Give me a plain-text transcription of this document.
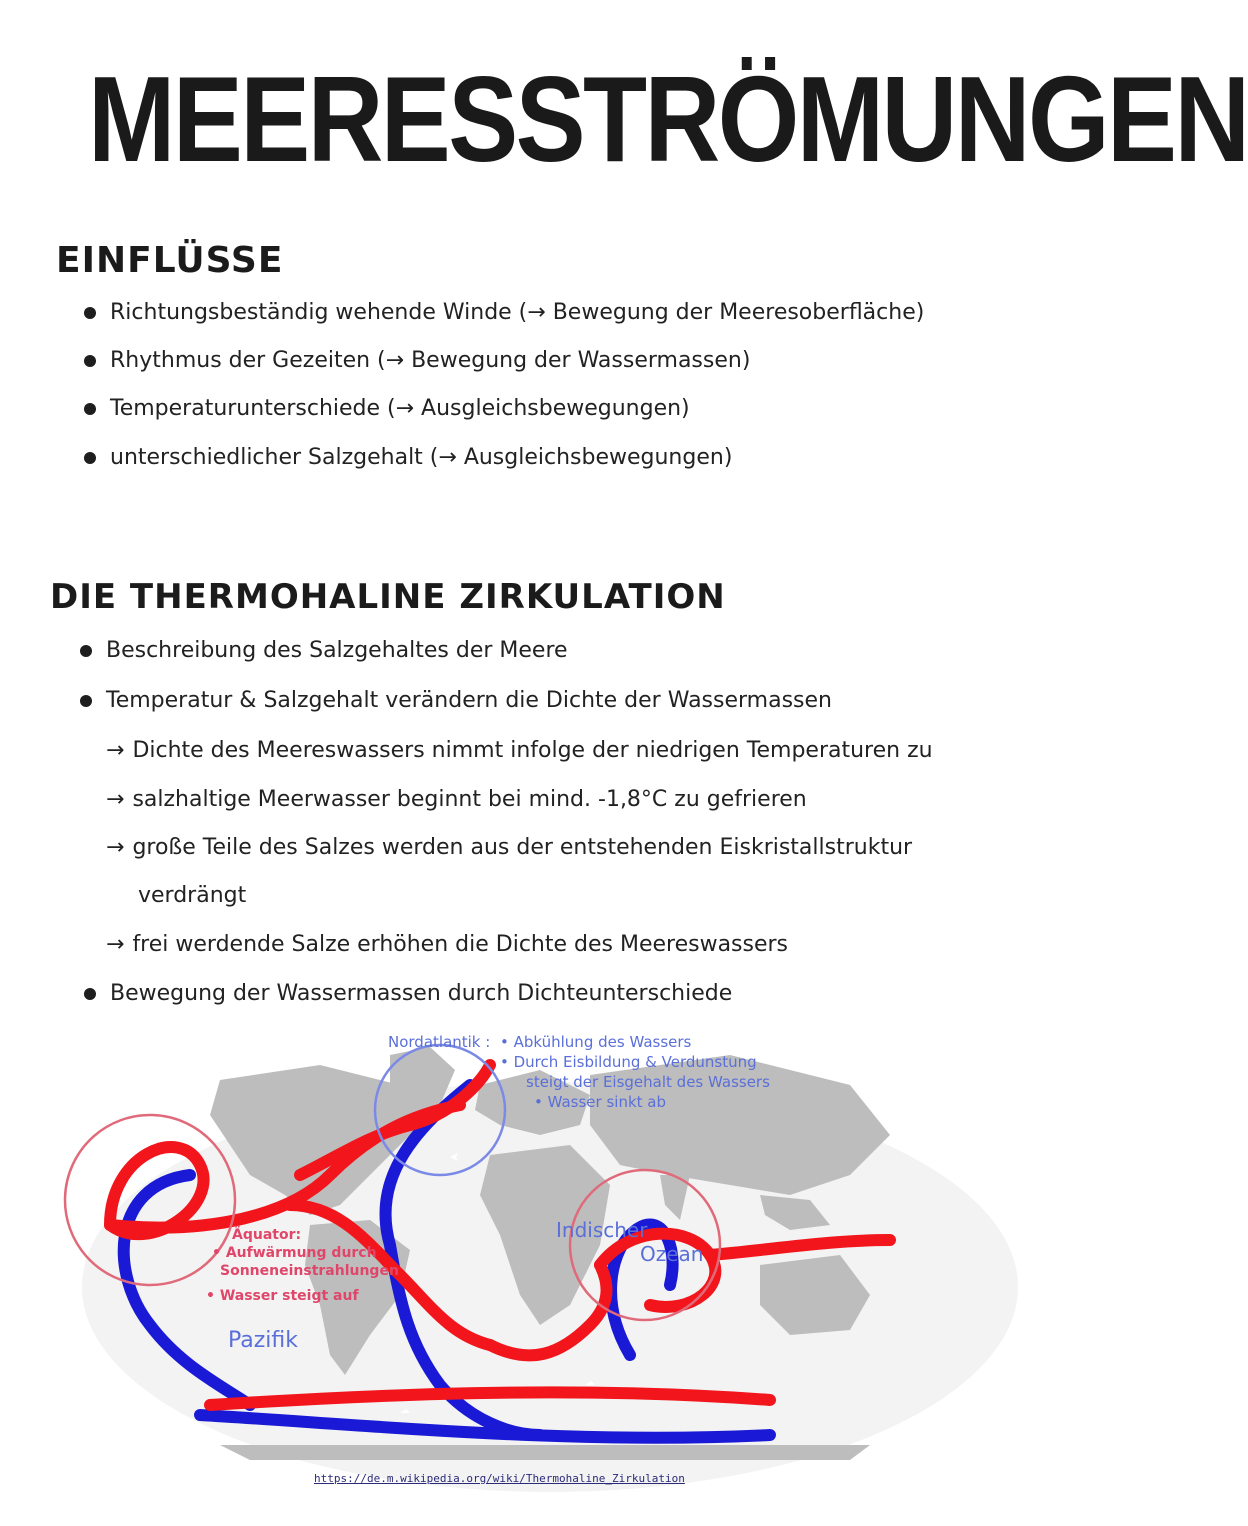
MEERESSTRÖMUNGEN
EINFLÜSSE
Richtungsbeständig wehende Winde (→ Bewegung der Meeresoberfläche)
Rhythmus der Gezeiten (→ Bewegung der Wassermassen)
Temperaturunterschiede (→ Ausgleichsbewegungen)
unterschiedlicher Salzgehalt (→ Ausgleichsbewegungen)
DIE THERMOHALINE ZIRKULATION
Beschreibung des Salzgehaltes der Meere
Temperatur & Salzgehalt verändern die Dichte der Wassermassen
→ Dichte des Meereswassers nimmt infolge der niedrigen Temperaturen zu
→ salzhaltige Meerwasser beginnt bei mind. -1,8°C zu gefrieren
→ große Teile des Salzes werden aus der entstehenden Eiskristallstruktur
verdrängt
→ frei werdende Salze erhöhen die Dichte des Meereswassers
Bewegung der Wassermassen durch Dichteunterschiede
Nordatlantik : • Abkühlung des Wassers
• Durch Eisbildung & Verdunstung
steigt der Eisgehalt des Wassers
• Wasser sinkt ab
Äquator:
• Aufwärmung durch
Sonneneinstrahlungen
• Wasser steigt auf
Indischer
Ozean
Pazifik
https://de.m.wikipedia.org/wiki/Thermohaline_Zirkulation
